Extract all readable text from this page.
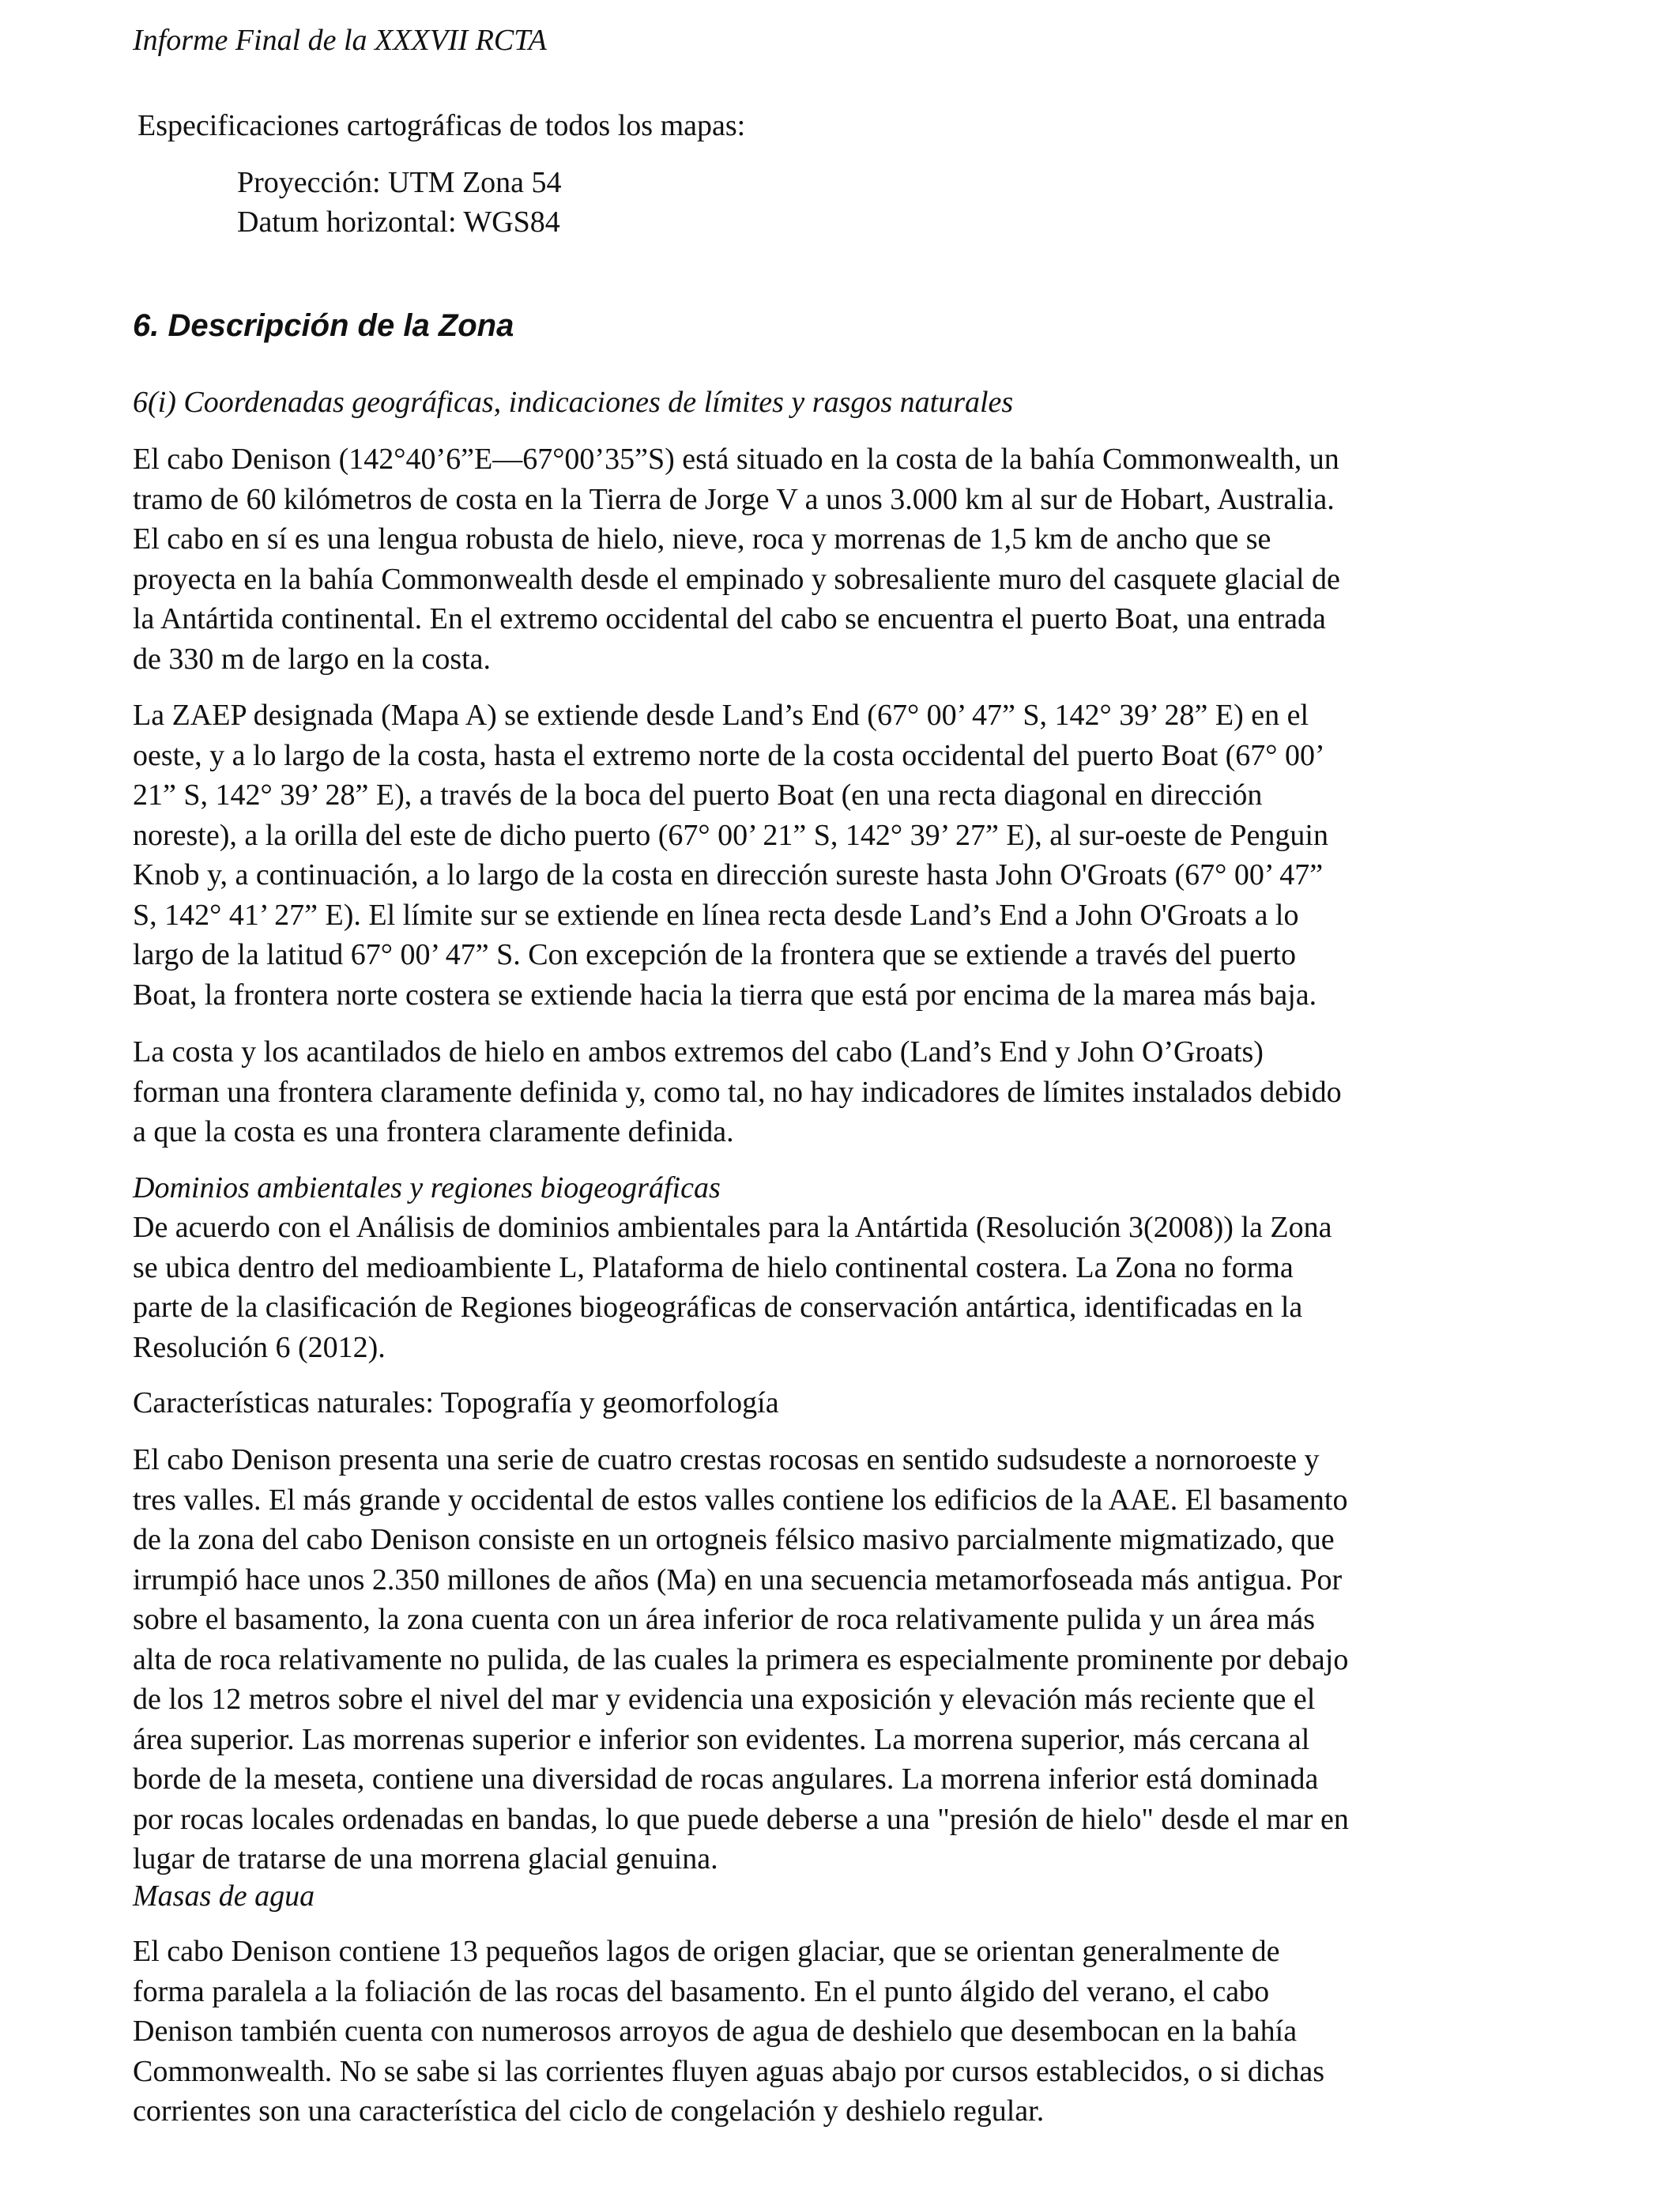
Informe Final de la XXXVII RCTA
Especificaciones cartográficas de todos los mapas:
Proyección: UTM Zona 54
Datum horizontal: WGS84
6. Descripción de la Zona
6(i) Coordenadas geográficas, indicaciones de límites y rasgos naturales
El cabo Denison (142°40’6”E—67°00’35”S) está situado en la costa de la bahía Commonwealth, un
tramo de 60 kilómetros de costa en la Tierra de Jorge V a unos 3.000 km al sur de Hobart, Australia.
El cabo en sí es una lengua robusta de hielo, nieve, roca y morrenas de 1,5 km de ancho que se
proyecta en la bahía Commonwealth desde el empinado y sobresaliente muro del casquete glacial de
la Antártida continental. En el extremo occidental del cabo se encuentra el puerto Boat, una entrada
de 330 m de largo en la costa.
La ZAEP designada (Mapa A) se extiende desde Land’s End (67° 00’ 47” S, 142° 39’ 28” E) en el
oeste, y a lo largo de la costa, hasta el extremo norte de la costa occidental del puerto Boat (67° 00’
21” S, 142° 39’ 28” E), a través de la boca del puerto Boat (en una recta diagonal en dirección
noreste), a la orilla del este de dicho puerto (67° 00’ 21” S, 142° 39’ 27” E), al sur-oeste de Penguin
Knob y, a continuación, a lo largo de la costa en dirección sureste hasta John O'Groats (67° 00’ 47”
S, 142° 41’ 27” E). El límite sur se extiende en línea recta desde Land’s End a John O'Groats a lo
largo de la latitud 67° 00’ 47” S. Con excepción de la frontera que se extiende a través del puerto
Boat, la frontera norte costera se extiende hacia la tierra que está por encima de la marea más baja.
La costa y los acantilados de hielo en ambos extremos del cabo (Land’s End y John O’Groats)
forman una frontera claramente definida y, como tal, no hay indicadores de límites instalados debido
a que la costa es una frontera claramente definida.
Dominios ambientales y regiones biogeográficas
De acuerdo con el Análisis de dominios ambientales para la Antártida (Resolución 3(2008)) la Zona
se ubica dentro del medioambiente L, Plataforma de hielo continental costera. La Zona no forma
parte de la clasificación de Regiones biogeográficas de conservación antártica, identificadas en la
Resolución 6 (2012).
Características naturales: Topografía y geomorfología
El cabo Denison presenta una serie de cuatro crestas rocosas en sentido sudsudeste a nornoroeste y
tres valles. El más grande y occidental de estos valles contiene los edificios de la AAE. El basamento
de la zona del cabo Denison consiste en un ortogneis félsico masivo parcialmente migmatizado, que
irrumpió hace unos 2.350 millones de años (Ma) en una secuencia metamorfoseada más antigua. Por
sobre el basamento, la zona cuenta con un área inferior de roca relativamente pulida y un área más
alta de roca relativamente no pulida, de las cuales la primera es especialmente prominente por debajo
de los 12 metros sobre el nivel del mar y evidencia una exposición y elevación más reciente que el
área superior. Las morrenas superior e inferior son evidentes. La morrena superior, más cercana al
borde de la meseta, contiene una diversidad de rocas angulares. La morrena inferior está dominada
por rocas locales ordenadas en bandas, lo que puede deberse a una "presión de hielo" desde el mar en
lugar de tratarse de una morrena glacial genuina.
Masas de agua
El cabo Denison contiene 13 pequeños lagos de origen glaciar, que se orientan generalmente de
forma paralela a la foliación de las rocas del basamento. En el punto álgido del verano, el cabo
Denison también cuenta con numerosos arroyos de agua de deshielo que desembocan en la bahía
Commonwealth. No se sabe si las corrientes fluyen aguas abajo por cursos establecidos, o si dichas
corrientes son una característica del ciclo de congelación y deshielo regular.
